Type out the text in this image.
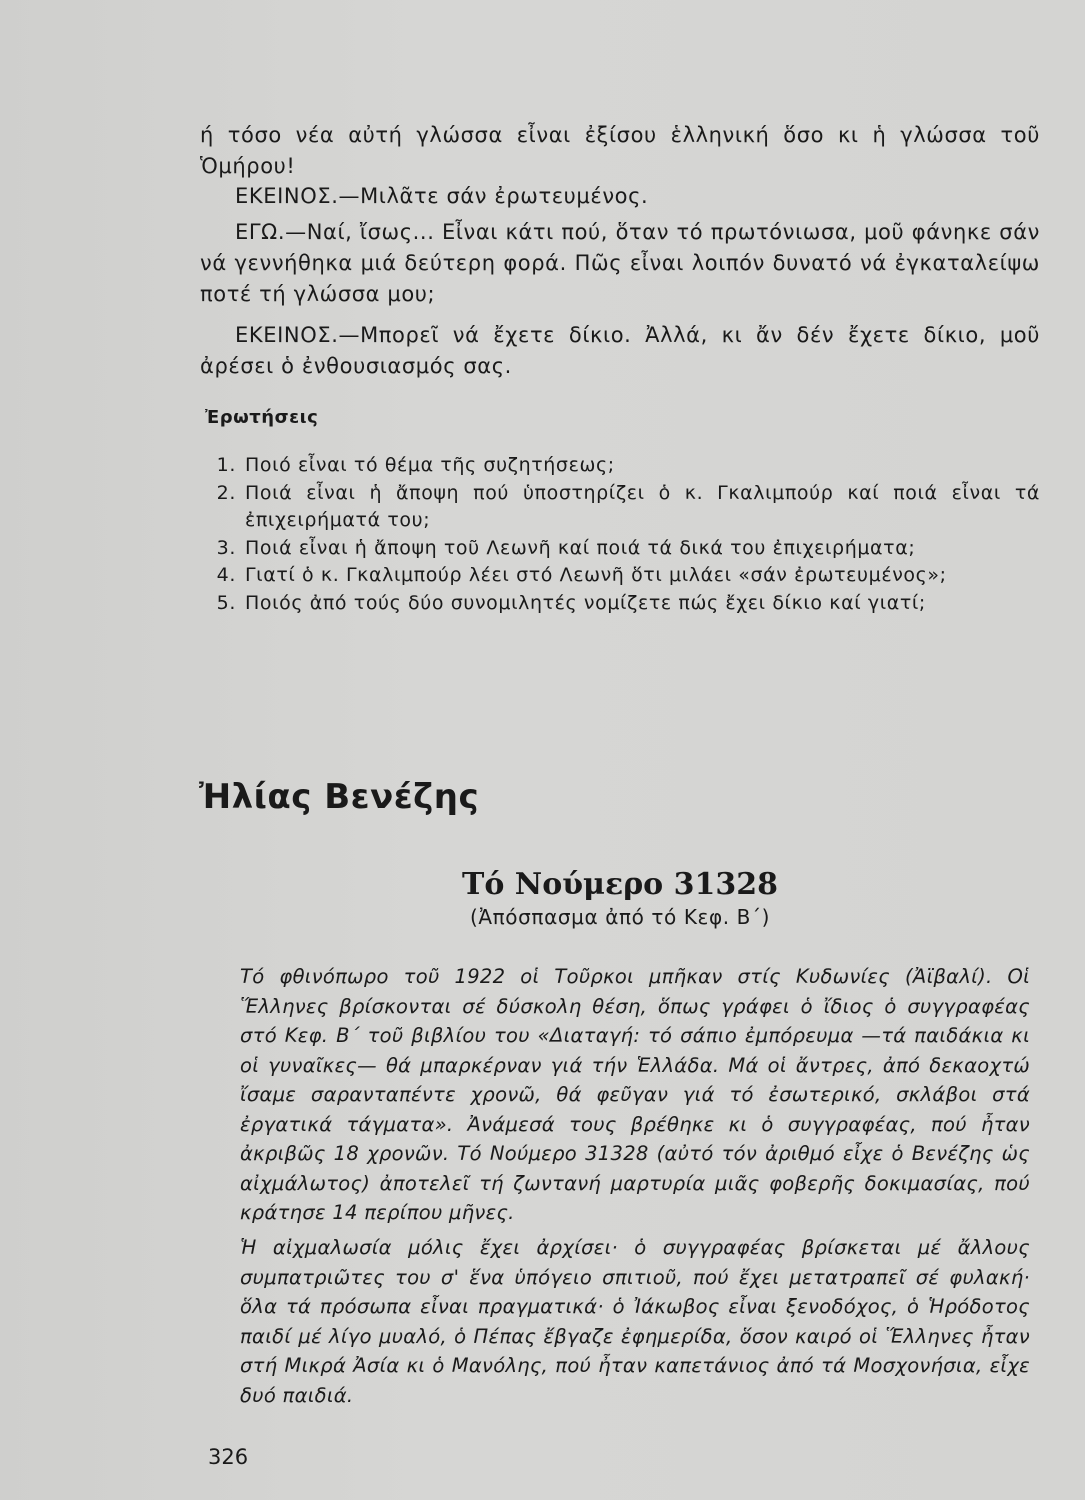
ή τόσο νέα αὐτή γλώσσα εἶναι ἐξίσου ἑλληνική ὅσο κι ἡ γλώσσα τοῦ Ὁμήρου!

ΕΚΕΙΝΟΣ.—Μιλᾶτε σάν ἐρωτευμένος.

ΕΓΩ.—Ναί, ἴσως... Εἶναι κάτι πού, ὅταν τό πρωτόνιωσα, μοῦ φάνηκε σάν νά γεννήθηκα μιά δεύτερη φορά. Πῶς εἶναι λοιπόν δυνατό νά ἐγκαταλείψω ποτέ τή γλώσσα μου;

ΕΚΕΙΝΟΣ.—Μπορεῖ νά ἔχετε δίκιο. Ἀλλά, κι ἄν δέν ἔχετε δίκιο, μοῦ ἀρέσει ὁ ἐνθουσιασμός σας.

Ἐρωτήσεις

1. Ποιό εἶναι τό θέμα τῆς συζητήσεως;
2. Ποιά εἶναι ἡ ἄποψη πού ὑποστηρίζει ὁ κ. Γκαλιμπούρ καί ποιά εἶναι τά ἐπιχειρήματά του;
3. Ποιά εἶναι ἡ ἄποψη τοῦ Λεωνῆ καί ποιά τά δικά του ἐπιχειρήματα;
4. Γιατί ὁ κ. Γκαλιμπούρ λέει στό Λεωνῆ ὅτι μιλάει «σάν ἐρωτευμένος»;
5. Ποιός ἀπό τούς δύο συνομιλητές νομίζετε πώς ἔχει δίκιο καί γιατί;
Ἠλίας Βενέζης
Τό Νούμερο 31328

(Ἀπόσπασμα ἀπό τό Κεφ. Β΄)

Τό φθινόπωρο τοῦ 1922 οἱ Τοῦρκοι μπῆκαν στίς Κυδωνίες (Ἀϊβαλί). Οἱ Ἕλληνες βρίσκονται σέ δύσκολη θέση, ὅπως γράφει ὁ ἴδιος ὁ συγγραφέας στό Κεφ. Β΄ τοῦ βιβλίου του «Διαταγή: τό σάπιο ἐμπόρευμα —τά παιδάκια κι οἱ γυναῖκες— θά μπαρκέρναν γιά τήν Ἑλλάδα. Μά οἱ ἄντρες, ἀπό δεκαοχτώ ἴσαμε σαρανταπέντε χρονῶ, θά φεῦγαν γιά τό ἐσωτερικό, σκλάβοι στά ἐργατικά τάγματα». Ἀνάμεσά τους βρέθηκε κι ὁ συγγραφέας, πού ἦταν ἀκριβῶς 18 χρονῶν. Τό Νούμερο 31328 (αὐτό τόν ἀριθμό εἶχε ὁ Βενέζης ὡς αἰχμάλωτος) ἀποτελεῖ τή ζωντανή μαρτυρία μιᾶς φοβερῆς δοκιμασίας, πού κράτησε 14 περίπου μῆνες.

Ἡ αἰχμαλωσία μόλις ἔχει ἀρχίσει· ὁ συγγραφέας βρίσκεται μέ ἄλλους συμπατριῶτες του σ' ἕνα ὑπόγειο σπιτιοῦ, πού ἔχει μετατραπεῖ σέ φυλακή· ὅλα τά πρόσωπα εἶναι πραγματικά· ὁ Ἰάκωβος εἶναι ξενοδόχος, ὁ Ἡρόδοτος παιδί μέ λίγο μυαλό, ὁ Πέπας ἔβγαζε ἐφημερίδα, ὅσον καιρό οἱ Ἕλληνες ἦταν στή Μικρά Ἀσία κι ὁ Μανόλης, πού ἦταν καπετάνιος ἀπό τά Μοσχονήσια, εἶχε δυό παιδιά.

326
